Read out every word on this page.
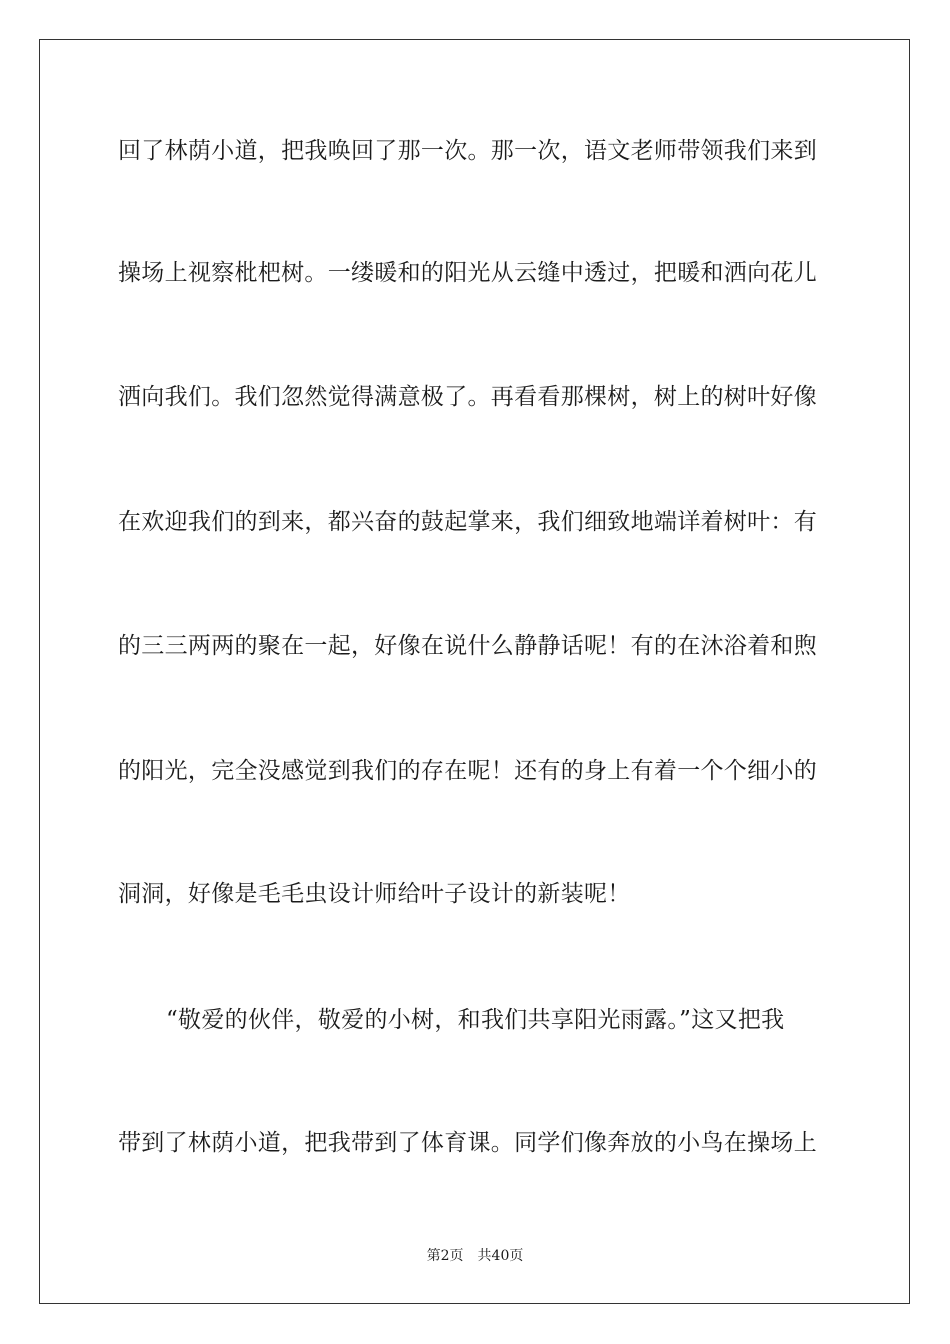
回了林荫小道，把我唤回了那一次。那一次，语文老师带领我们来到
操场上视察枇杷树。一缕暖和的阳光从云缝中透过，把暖和洒向花儿
洒向我们。我们忽然觉得满意极了。再看看那棵树，树上的树叶好像
在欢迎我们的到来，都兴奋的鼓起掌来，我们细致地端详着树叶：有
的三三两两的聚在一起，好像在说什么静静话呢！有的在沐浴着和煦
的阳光，完全没感觉到我们的存在呢！还有的身上有着一个个细小的
洞洞，好像是毛毛虫设计师给叶子设计的新装呢！
“敬爱的伙伴，敬爱的小树，和我们共享阳光雨露。”这又把我
带到了林荫小道，把我带到了体育课。同学们像奔放的小鸟在操场上
第2页 共40页
